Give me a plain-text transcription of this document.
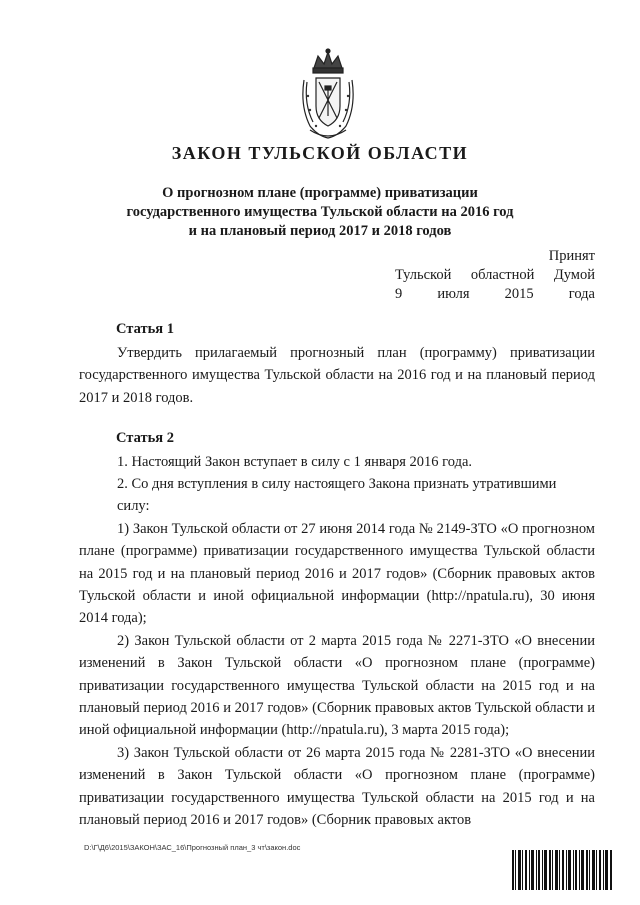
ЗАКОН ТУЛЬСКОЙ ОБЛАСТИ
О прогнозном плане (программе) приватизации
государственного имущества Тульской области на 2016 год
и на плановый период 2017 и 2018 годов
Принят
Тульской областной Думой
9 июля 2015 года
Статья 1
Утвердить прилагаемый прогнозный план (программу) приватизации государственного имущества Тульской области на 2016 год и на плановый период 2017 и 2018 годов.
Статья 2
1. Настоящий Закон вступает в силу с 1 января 2016 года.
2. Со дня вступления в силу настоящего Закона признать утратившими
силу:
1) Закон Тульской области от 27 июня 2014 года № 2149-ЗТО «О прогнозном плане (программе) приватизации государственного имущества Тульской области на 2015 год и на плановый период 2016 и 2017 годов» (Сборник правовых актов Тульской области и иной официальной информации (http://npatula.ru), 30 июня 2014 года);
2) Закон Тульской области от 2 марта 2015 года № 2271-ЗТО «О внесении изменений в Закон Тульской области «О прогнозном плане (программе) приватизации государственного имущества Тульской области на 2015 год и на плановый период 2016 и 2017 годов» (Сборник правовых актов Тульской области и иной официальной информации (http://npatula.ru), 3 марта 2015 года);
3) Закон Тульской области от 26 марта 2015 года № 2281-ЗТО «О внесении изменений в Закон Тульской области «О прогнозном плане (программе) приватизации государственного имущества Тульской области на 2015 год и на плановый период 2016 и 2017 годов» (Сборник правовых актов
D:\Г\Д6\2015\ЗАКОН\ЗАС_16\Прогнозный план_3 чт\закон.doc
